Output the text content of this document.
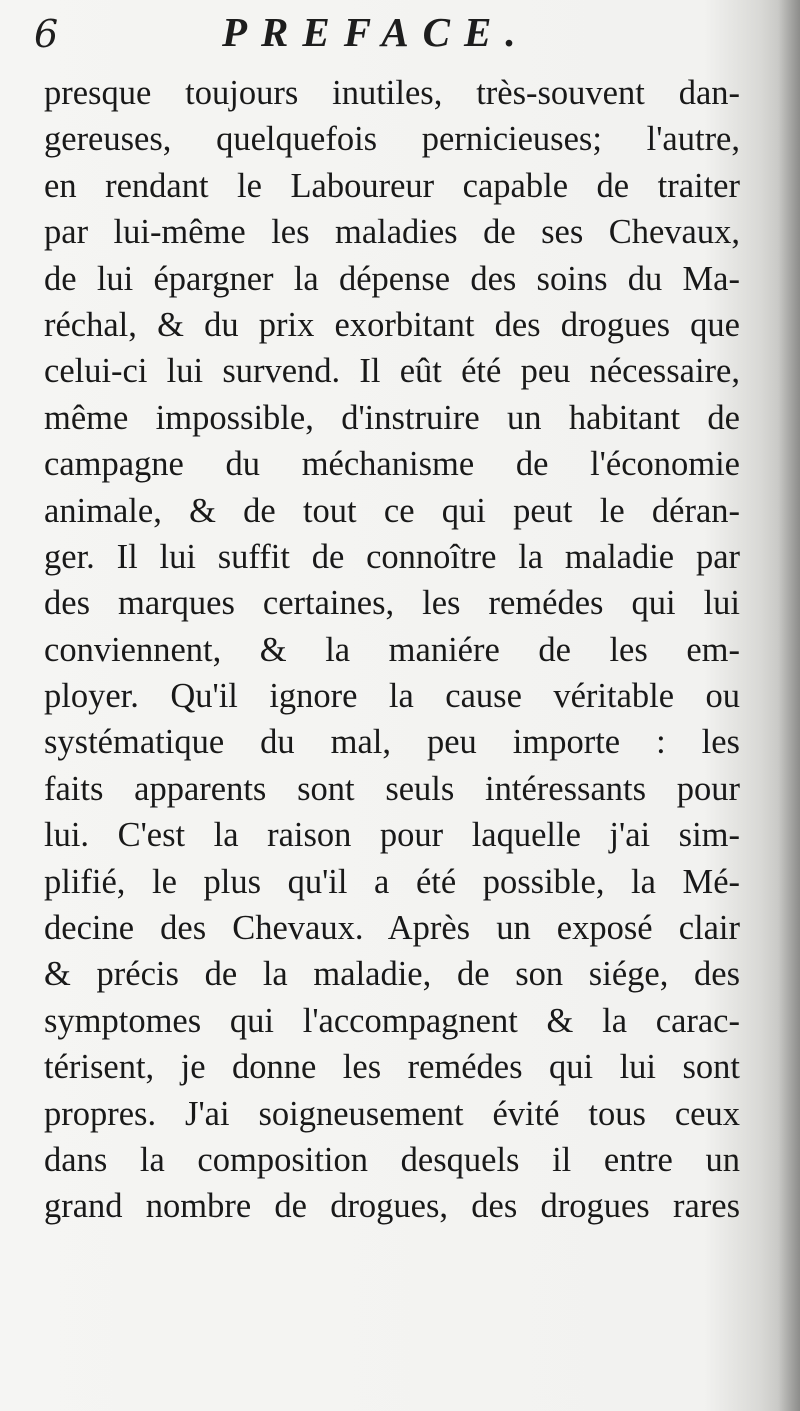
6	PREFACE.
presque toujours inutiles, très-souvent dan-
gereuses, quelquefois pernicieuses; l'autre,
en rendant le Laboureur capable de traiter
par lui-même les maladies de ses Chevaux,
de lui épargner la dépense des soins du Ma-
réchal, & du prix exorbitant des drogues que
celui-ci lui survend. Il eût été peu nécessaire,
même impossible, d'instruire un habitant de
campagne du méchanisme de l'économie
animale, & de tout ce qui peut le déran-
ger. Il lui suffit de connoître la maladie par
des marques certaines, les remédes qui lui
conviennent, & la maniére de les em-
ployer. Qu'il ignore la cause véritable ou
systématique du mal, peu importe : les
faits apparents sont seuls intéressants pour
lui. C'est la raison pour laquelle j'ai sim-
plifié, le plus qu'il a été possible, la Mé-
decine des Chevaux. Après un exposé clair
& précis de la maladie, de son siége, des
symptomes qui l'accompagnent & la carac-
térisent, je donne les remédes qui lui sont
propres. J'ai soigneusement évité tous ceux
dans la composition desquels il entre un
grand nombre de drogues, des drogues rares
